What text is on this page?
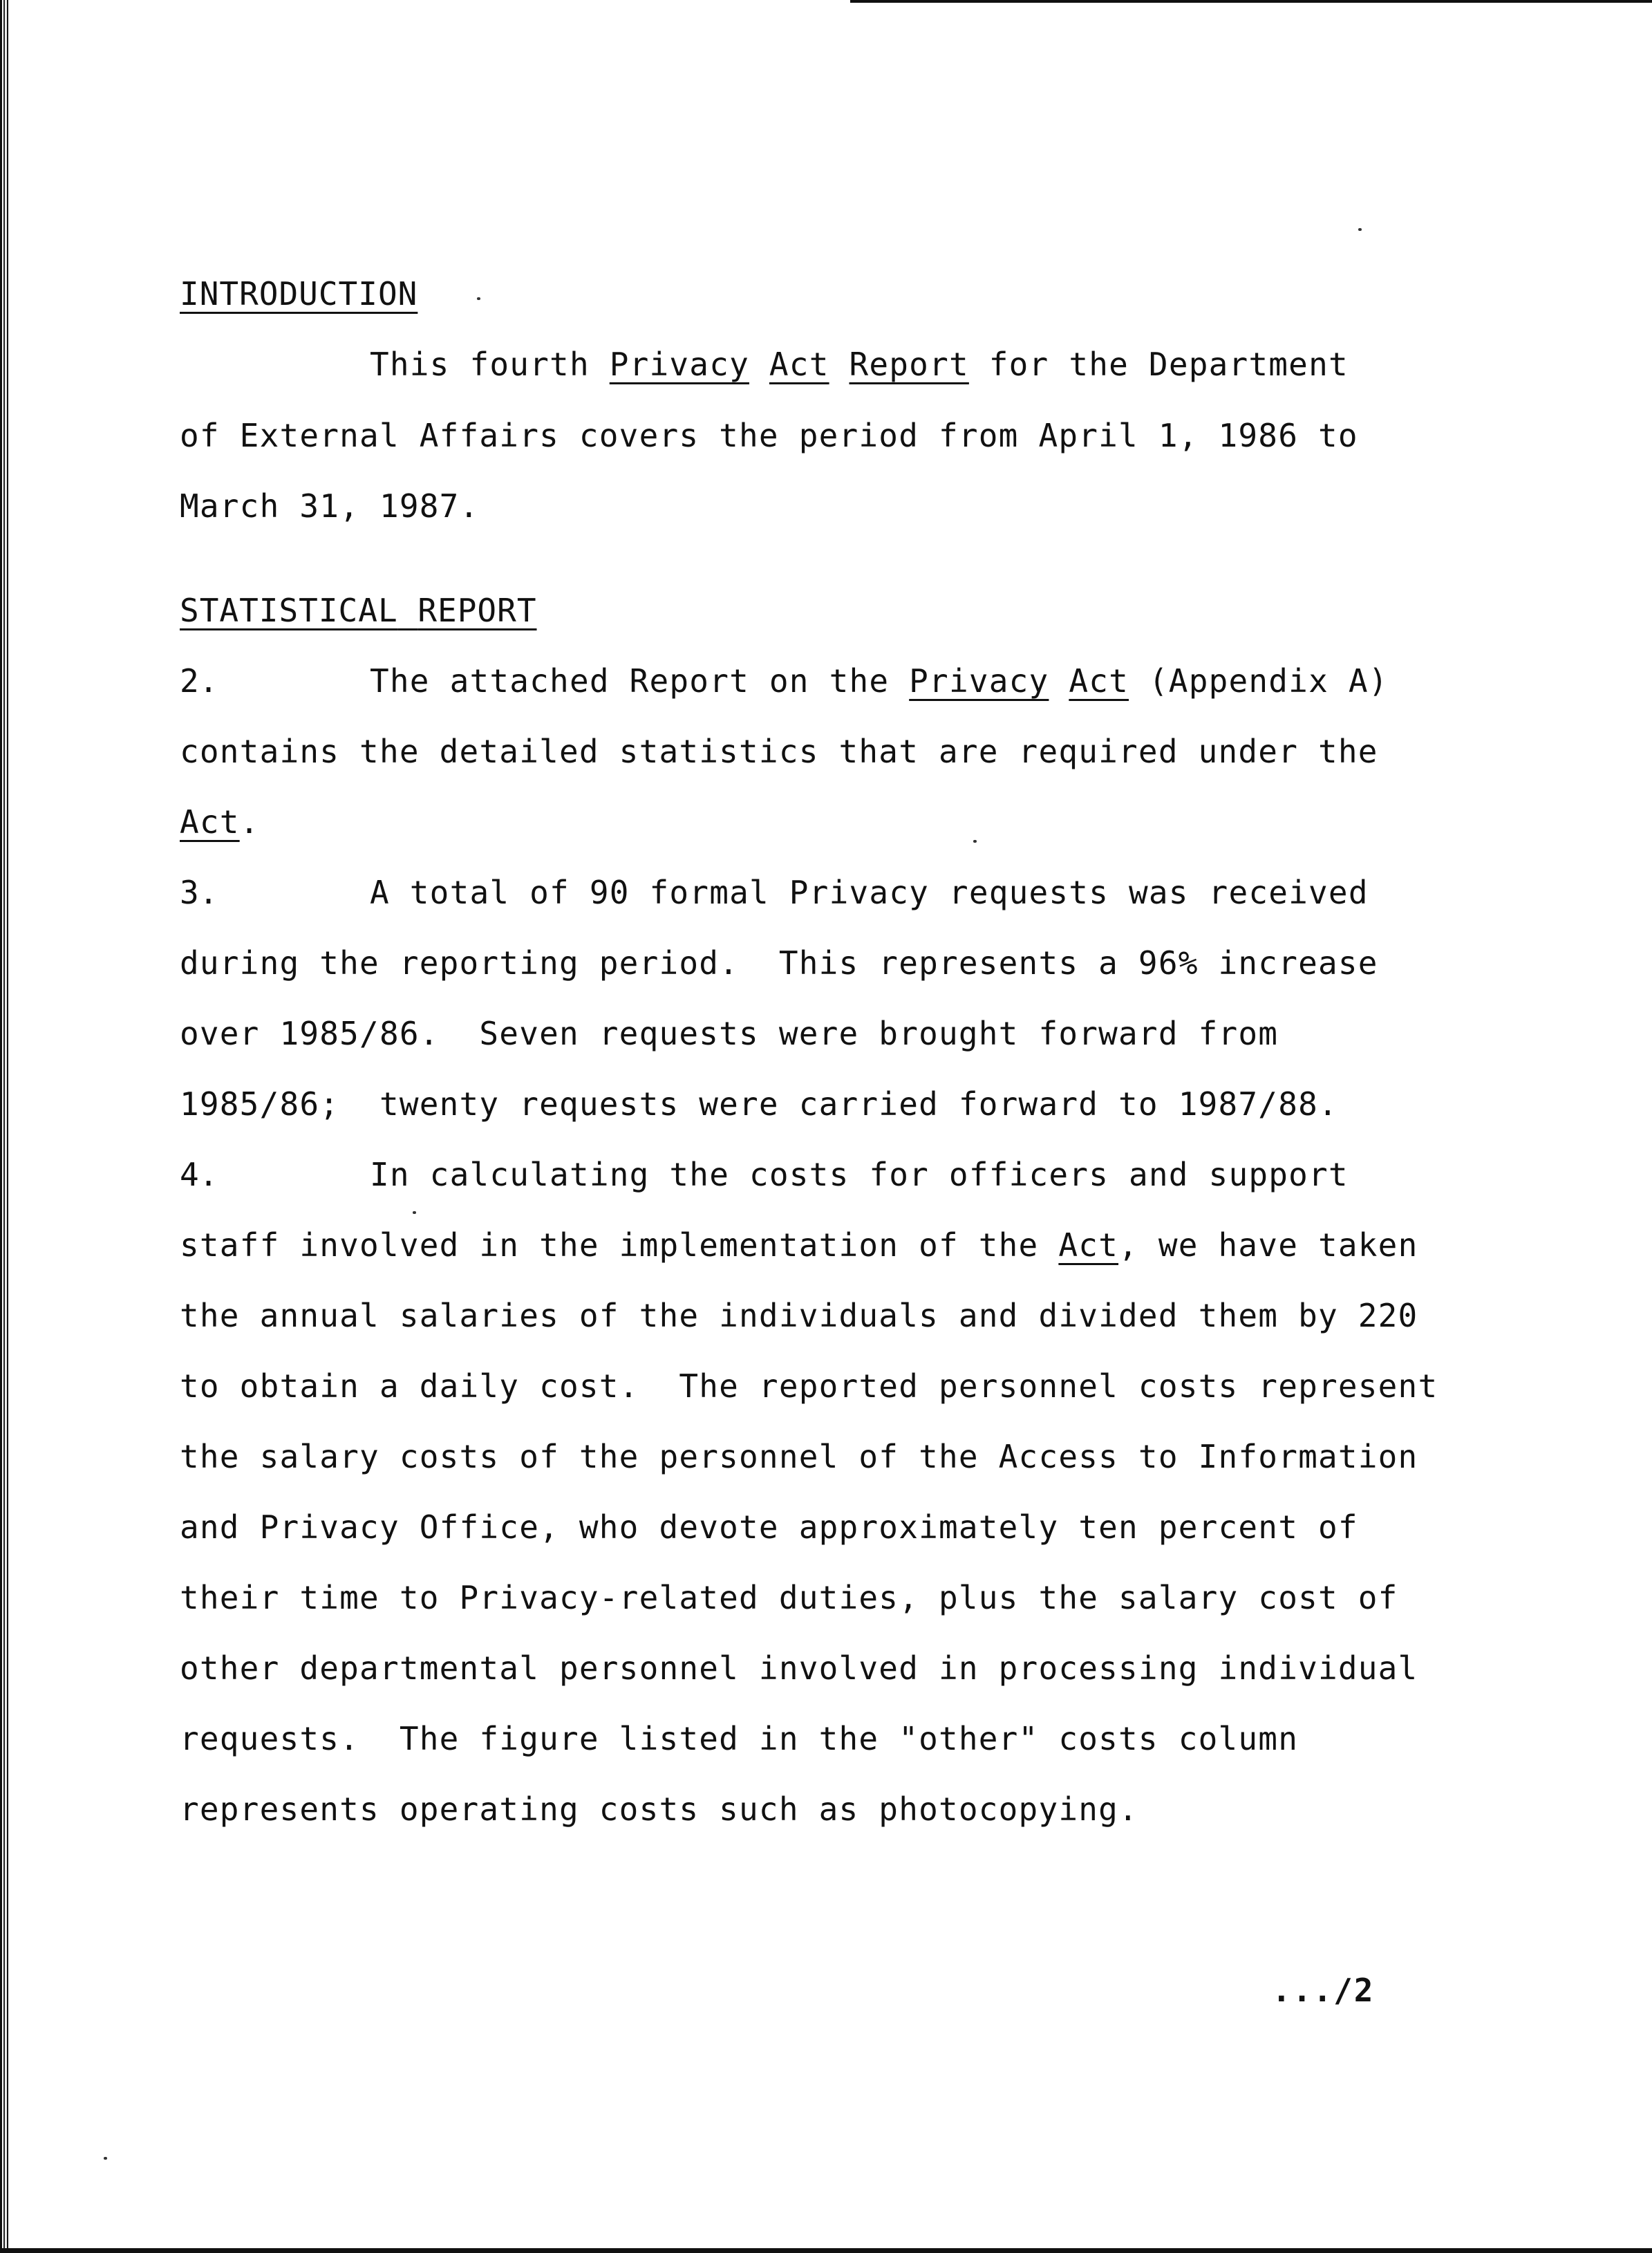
INTRODUCTION
This fourth Privacy Act Report for the Department
of External Affairs covers the period from April 1, 1986 to
March 31, 1987.
STATISTICAL REPORT
2.	The attached Report on the Privacy Act (Appendix A)
contains the detailed statistics that are required under the
Act.
3.	A total of 90 formal Privacy requests was received
during the reporting period.  This represents a 96% increase
over 1985/86.  Seven requests were brought forward from
1985/86;  twenty requests were carried forward to 1987/88.
4.	In calculating the costs for officers and support
staff involved in the implementation of the Act, we have taken
the annual salaries of the individuals and divided them by 220
to obtain a daily cost.  The reported personnel costs represent
the salary costs of the personnel of the Access to Information
and Privacy Office, who devote approximately ten percent of
their time to Privacy-related duties, plus the salary cost of
other departmental personnel involved in processing individual
requests.  The figure listed in the "other" costs column
represents operating costs such as photocopying.
.../2
